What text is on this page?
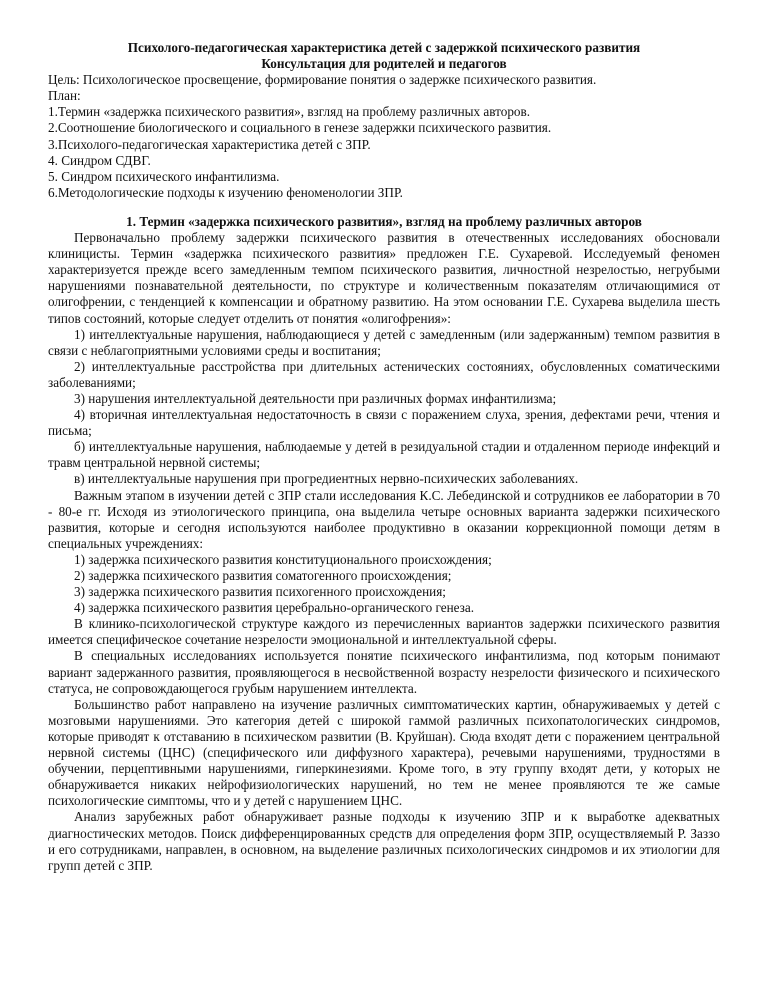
Психолого-педагогическая характеристика детей с задержкой психического развития

Консультация для родителей и педагогов

Цель: Психологическое просвещение, формирование понятия о задержке психического развития.

План:

1.Термин «задержка психического развития», взгляд на проблему различных авторов.
2.Соотношение биологического и социального в генезе задержки психического развития.
3.Психолого-педагогическая характеристика детей с ЗПР.
4. Синдром СДВГ.
5. Синдром психического инфантилизма.
6.Методологические подходы к изучению феноменологии ЗПР.

1. Термин «задержка психического развития», взгляд на проблему различных авторов

Первоначально проблему задержки психического развития в отечественных исследованиях обосновали клиницисты. Термин «задержка психического развития» предложен Г.Е. Сухаревой. Исследуемый феномен характеризуется прежде всего замедленным темпом психического развития, личностной незрелостью, негрубыми нарушениями познавательной деятельности, по структуре и количественным показателям отличающимися от олигофрении, с тенденцией к компенсации и обратному развитию. На этом основании Г.Е. Сухарева выделила шесть типов состояний, которые следует отделить от понятия «олигофрения»:

1) интеллектуальные нарушения, наблюдающиеся у детей с замедленным (или задержанным) темпом развития в связи с неблагоприятными условиями среды и воспитания;
2) интеллектуальные расстройства при длительных астенических состояниях, обусловленных соматическими заболеваниями;
3) нарушения интеллектуальной деятельности при различных формах инфантилизма;
4) вторичная интеллектуальная недостаточность в связи с поражением слуха, зрения, дефектами речи, чтения и письма;
б) интеллектуальные нарушения, наблюдаемые у детей в резидуальной стадии и отдаленном периоде инфекций и травм центральной нервной системы;
в) интеллектуальные нарушения при прогредиентных нервно-психических заболеваниях.

Важным этапом в изучении детей с ЗПР стали исследования К.С. Лебединской и сотрудников ее лаборатории в 70 - 80-е гг. Исходя из этиологического принципа, она выделила четыре основных варианта задержки психического развития, которые и сегодня используются наиболее продуктивно в оказании коррекционной помощи детям в специальных учреждениях:

1) задержка психического развития конституционального происхождения;
2) задержка психического развития соматогенного происхождения;
3) задержка психического развития психогенного происхождения;
4) задержка психического развития церебрально-органического генеза.

В клинико-психологической структуре каждого из перечисленных вариантов задержки психического развития имеется специфическое сочетание незрелости эмоциональной и интеллектуальной сферы.

В специальных исследованиях используется понятие психического инфантилизма, под которым понимают вариант задержанного развития, проявляющегося в несвойственной возрасту незрелости физического и психического статуса, не сопровождающегося грубым нарушением интеллекта.

Большинство работ направлено на изучение различных симптоматических картин, обнаруживаемых у детей с мозговыми нарушениями. Это категория детей с широкой гаммой различных психопатологических синдромов, которые приводят к отставанию в психическом развитии (В. Круйшан). Сюда входят дети с поражением центральной нервной системы (ЦНС) (специфического или диффузного характера), речевыми нарушениями, трудностями в обучении, перцептивными нарушениями, гиперкинезиями. Кроме того, в эту группу входят дети, у которых не обнаруживается никаких нейрофизиологических нарушений, но тем не менее проявляются те же самые психологические симптомы, что и у детей с нарушением ЦНС.

Анализ зарубежных работ обнаруживает разные подходы к изучению ЗПР и к выработке адекватных диагностических методов. Поиск дифференцированных средств для определения форм ЗПР, осуществляемый Р. Заззо и его сотрудниками, направлен, в основном, на выделение различных психологических синдромов и их этиологии для групп детей с ЗПР.
